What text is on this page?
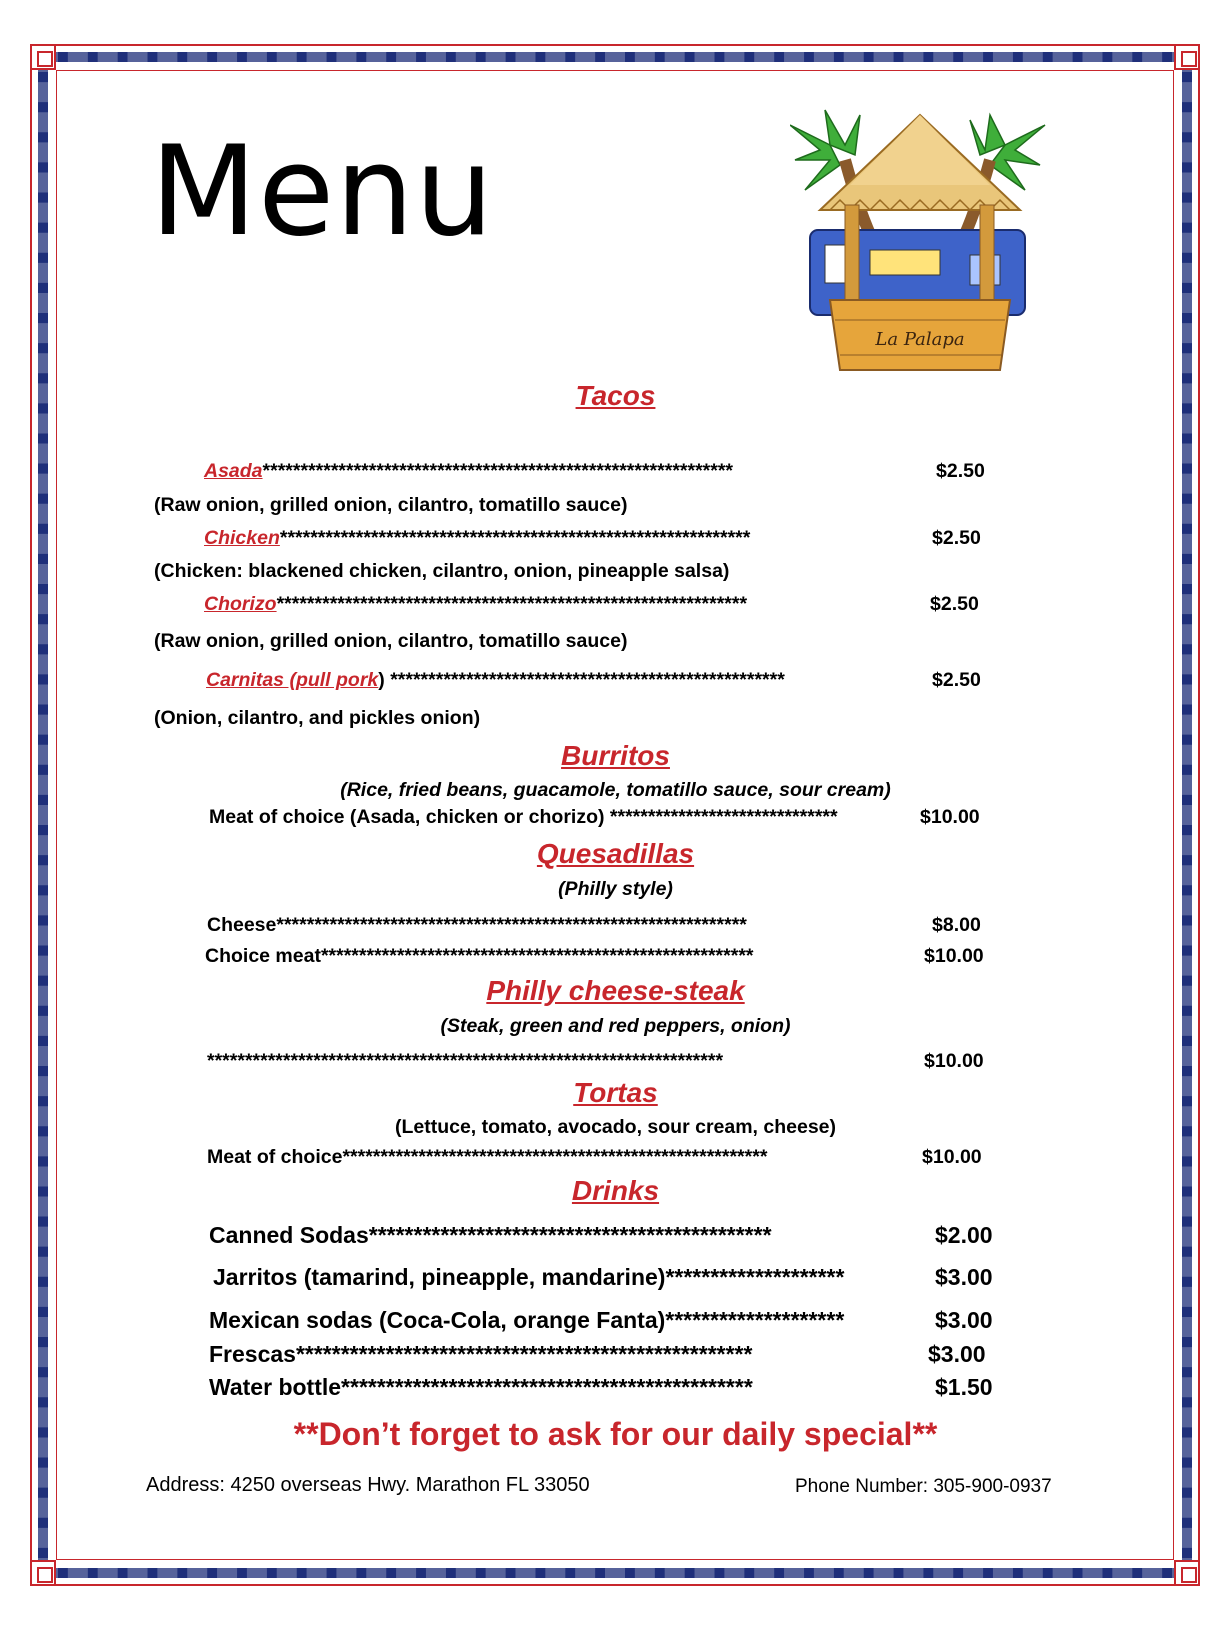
Menu
La Palapa
Tacos
Asada**************************************************************	$2.50
(Raw onion, grilled onion, cilantro, tomatillo sauce)
Chicken**************************************************************	$2.50
(Chicken: blackened chicken, cilantro, onion, pineapple salsa)
Chorizo**************************************************************	$2.50
(Raw onion, grilled onion, cilantro, tomatillo sauce)
Carnitas (pull pork) ****************************************************	$2.50
(Onion, cilantro, and pickles onion)
Burritos
(Rice, fried beans, guacamole, tomatillo sauce, sour cream)
Meat of choice (Asada, chicken or chorizo) ******************************	$10.00
Quesadillas
(Philly style)
Cheese**************************************************************	$8.00
Choice meat*********************************************************	$10.00
Philly cheese-steak
(Steak, green and red peppers, onion)
********************************************************************	$10.00
Tortas
(Lettuce, tomato, avocado, sour cream, cheese)
Meat of choice********************************************************	$10.00
Drinks
Canned Sodas*********************************************	$2.00
Jarritos (tamarind, pineapple, mandarine)********************	$3.00
Mexican sodas (Coca-Cola, orange Fanta)********************	$3.00
Frescas***************************************************	$3.00
Water bottle**********************************************	$1.50
**Don’t forget to ask for our daily special**
Address: 4250 overseas Hwy. Marathon FL 33050	Phone Number: 305-900-0937
